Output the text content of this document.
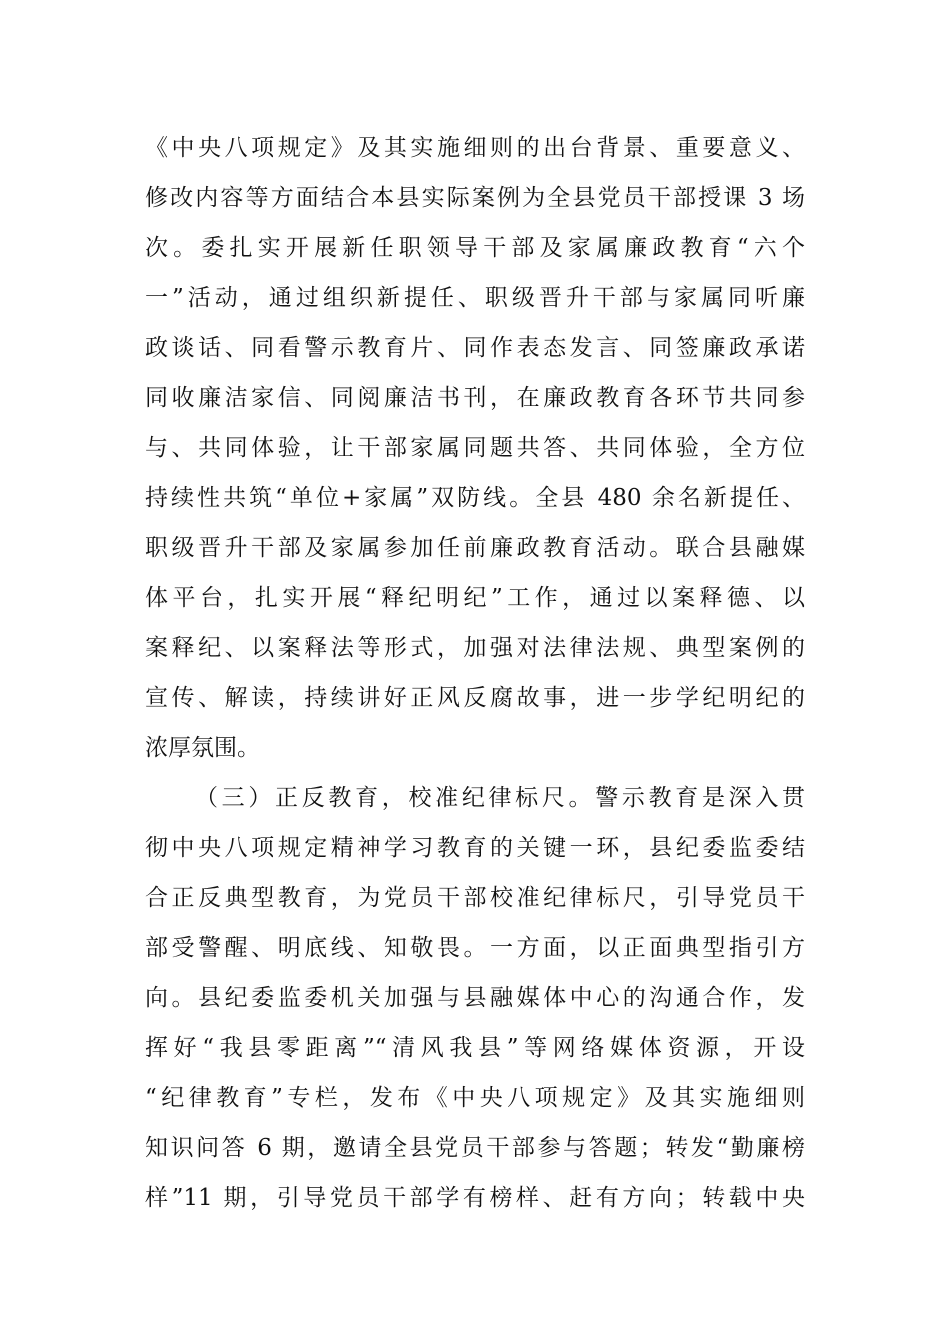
《中央八项规定》及其实施细则的出台背景、重要意义、
修改内容等方面结合本县实际案例为全县党员干部授课 3 场
次。委扎实开展新任职领导干部及家属廉政教育“六个
一”活动，通过组织新提任、职级晋升干部与家属同听廉
政谈话、同看警示教育片、同作表态发言、同签廉政承诺
同收廉洁家信、同阅廉洁书刊，在廉政教育各环节共同参
与、共同体验，让干部家属同题共答、共同体验，全方位
持续性共筑“单位+家属”双防线。全县 480 余名新提任、
职级晋升干部及家属参加任前廉政教育活动。联合县融媒
体平台，扎实开展“释纪明纪”工作，通过以案释德、以
案释纪、以案释法等形式，加强对法律法规、典型案例的
宣传、解读，持续讲好正风反腐故事，进一步学纪明纪的
浓厚氛围。
（三）正反教育，校准纪律标尺。警示教育是深入贯
彻中央八项规定精神学习教育的关键一环，县纪委监委结
合正反典型教育，为党员干部校准纪律标尺，引导党员干
部受警醒、明底线、知敬畏。一方面，以正面典型指引方
向。县纪委监委机关加强与县融媒体中心的沟通合作，发
挥好“我县零距离”“清风我县”等网络媒体资源，开设
“纪律教育”专栏，发布《中央八项规定》及其实施细则
知识问答 6 期，邀请全县党员干部参与答题；转发“勤廉榜
样”11 期，引导党员干部学有榜样、赶有方向；转载中央
